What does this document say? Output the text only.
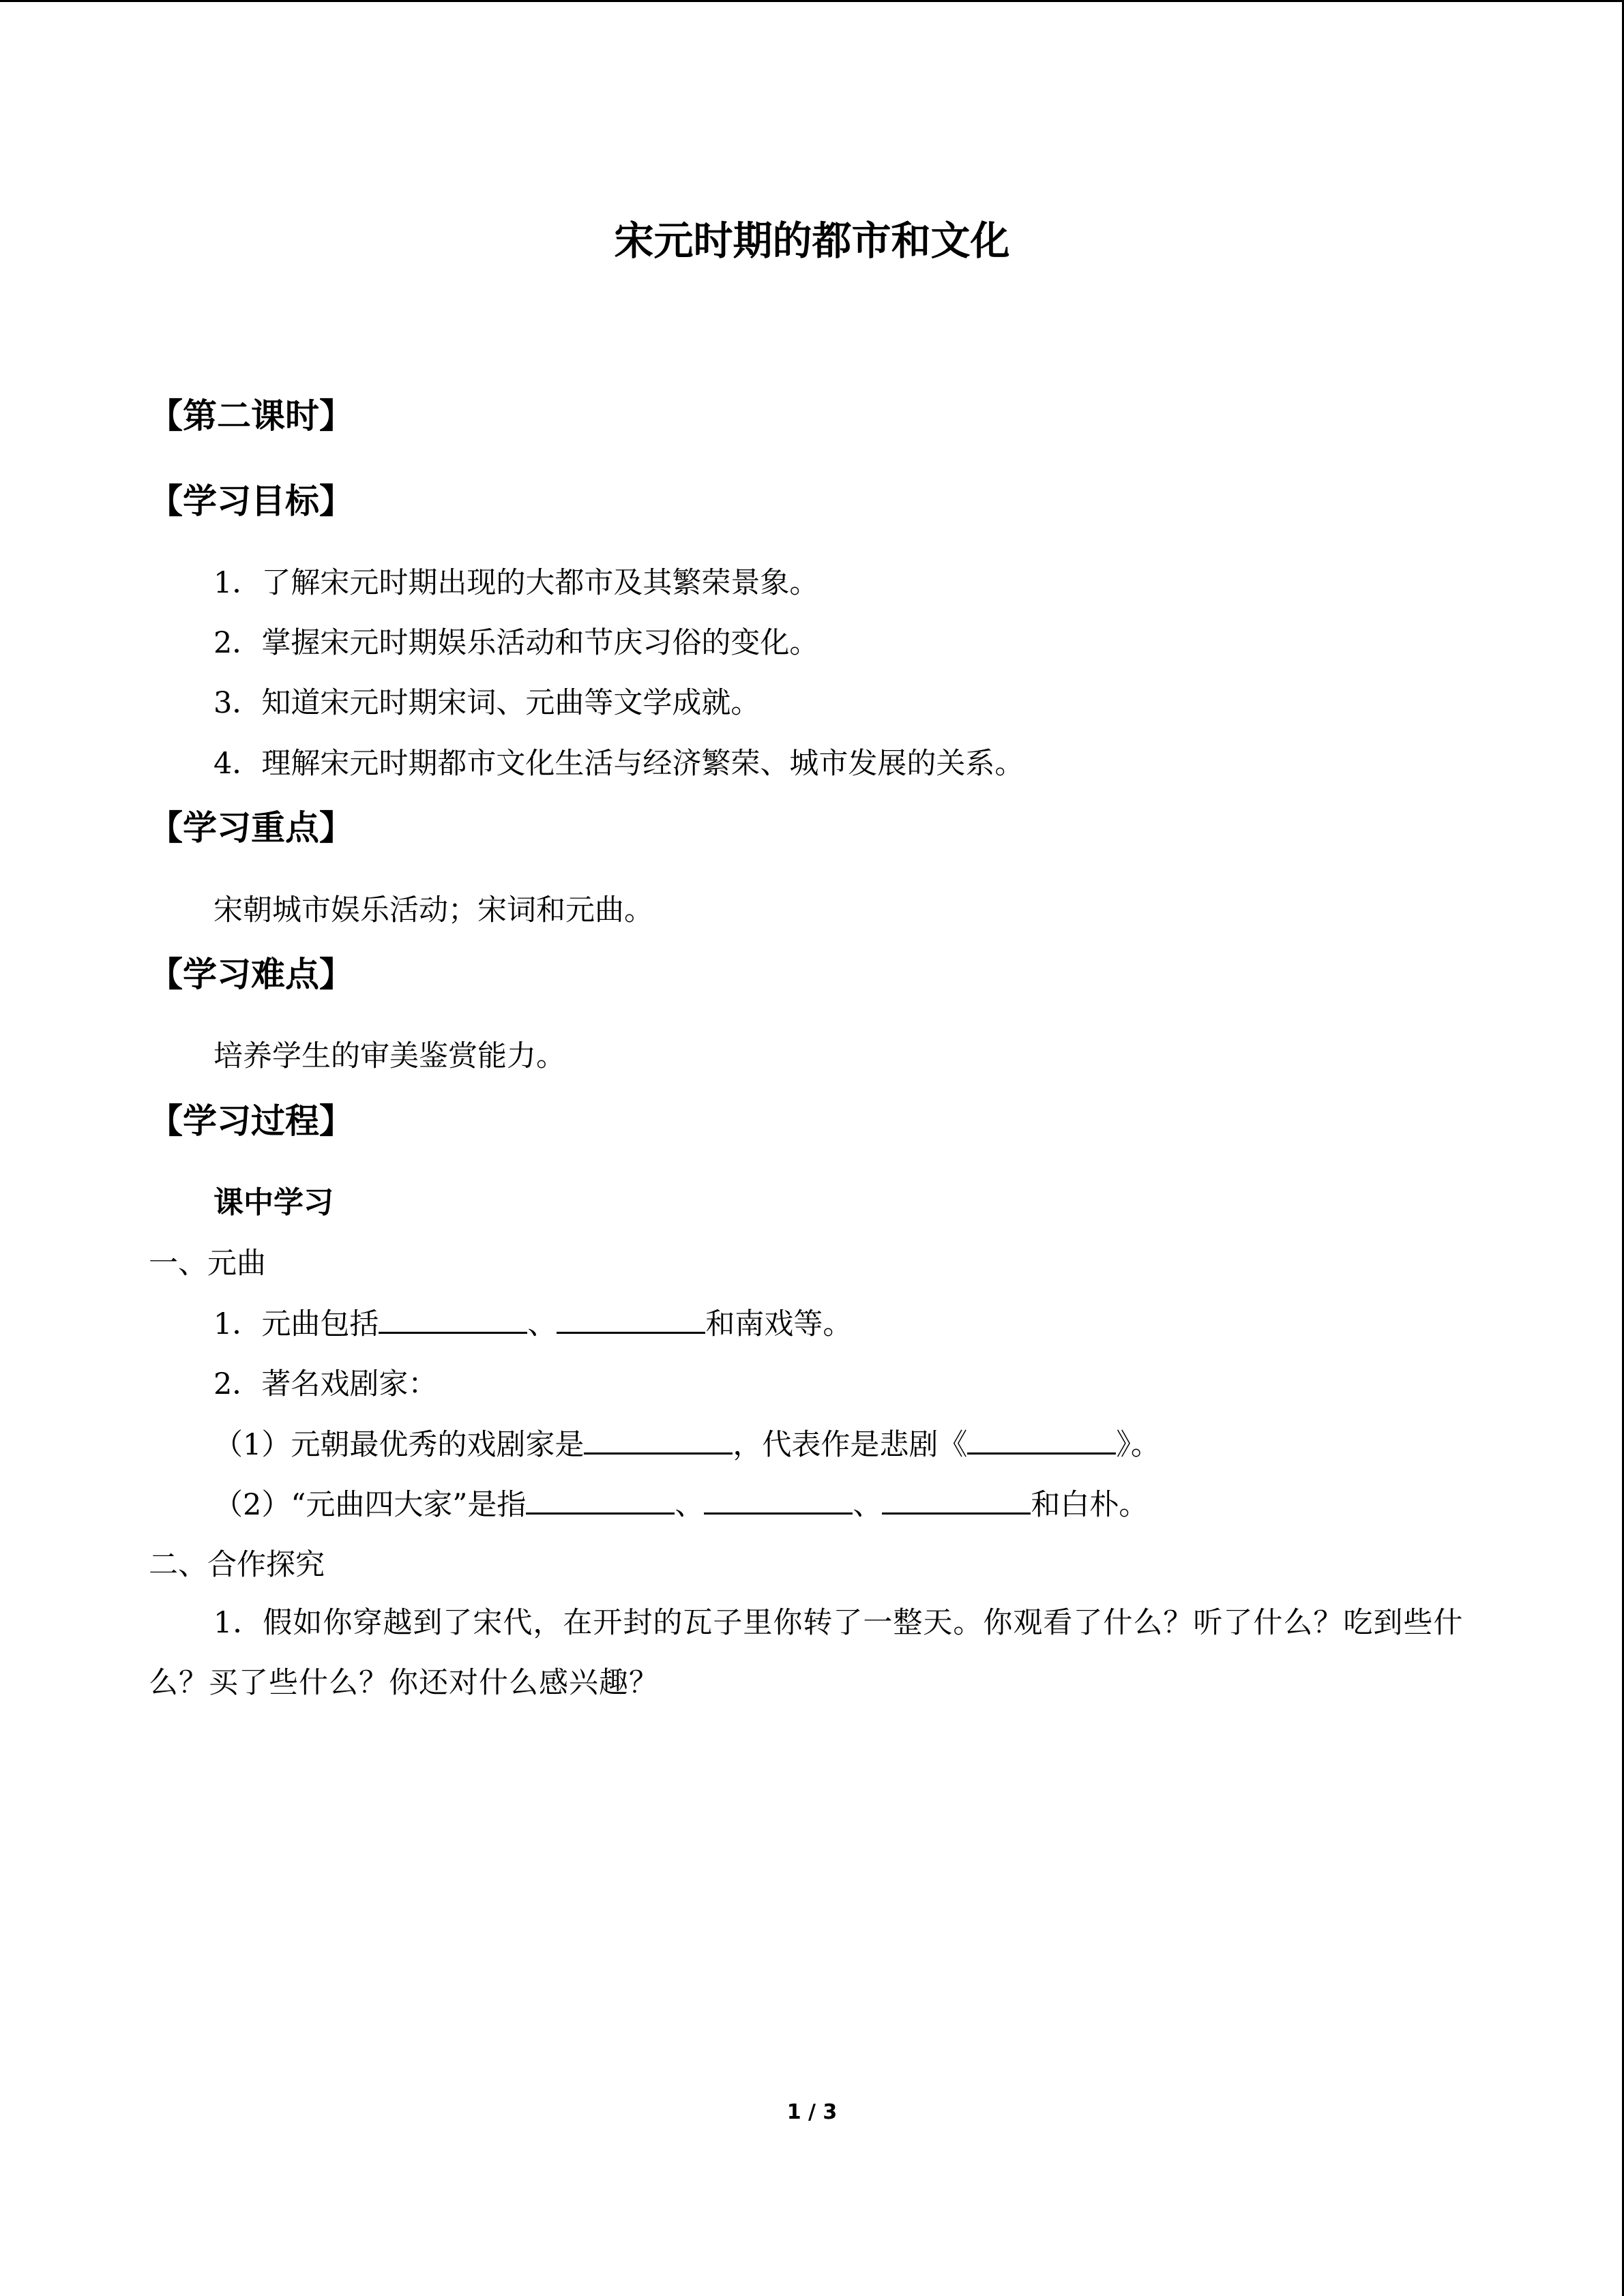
宋元时期的都市和文化
【第二课时】
【学习目标】
1．了解宋元时期出现的大都市及其繁荣景象。
2．掌握宋元时期娱乐活动和节庆习俗的变化。
3．知道宋元时期宋词、元曲等文学成就。
4．理解宋元时期都市文化生活与经济繁荣、城市发展的关系。
【学习重点】
宋朝城市娱乐活动；宋词和元曲。
【学习难点】
培养学生的审美鉴赏能力。
【学习过程】
课中学习
一、元曲
1．元曲包括	、	和南戏等。
2．著名戏剧家：
（1）元朝最优秀的戏剧家是	，代表作是悲剧《	》。
（2）“元曲四大家”是指	、	、	和白朴。
二、合作探究
1．假如你穿越到了宋代，在开封的瓦子里你转了一整天。你观看了什么？听了什么？吃到些什么？买了些什么？你还对什么感兴趣？
1 / 3
